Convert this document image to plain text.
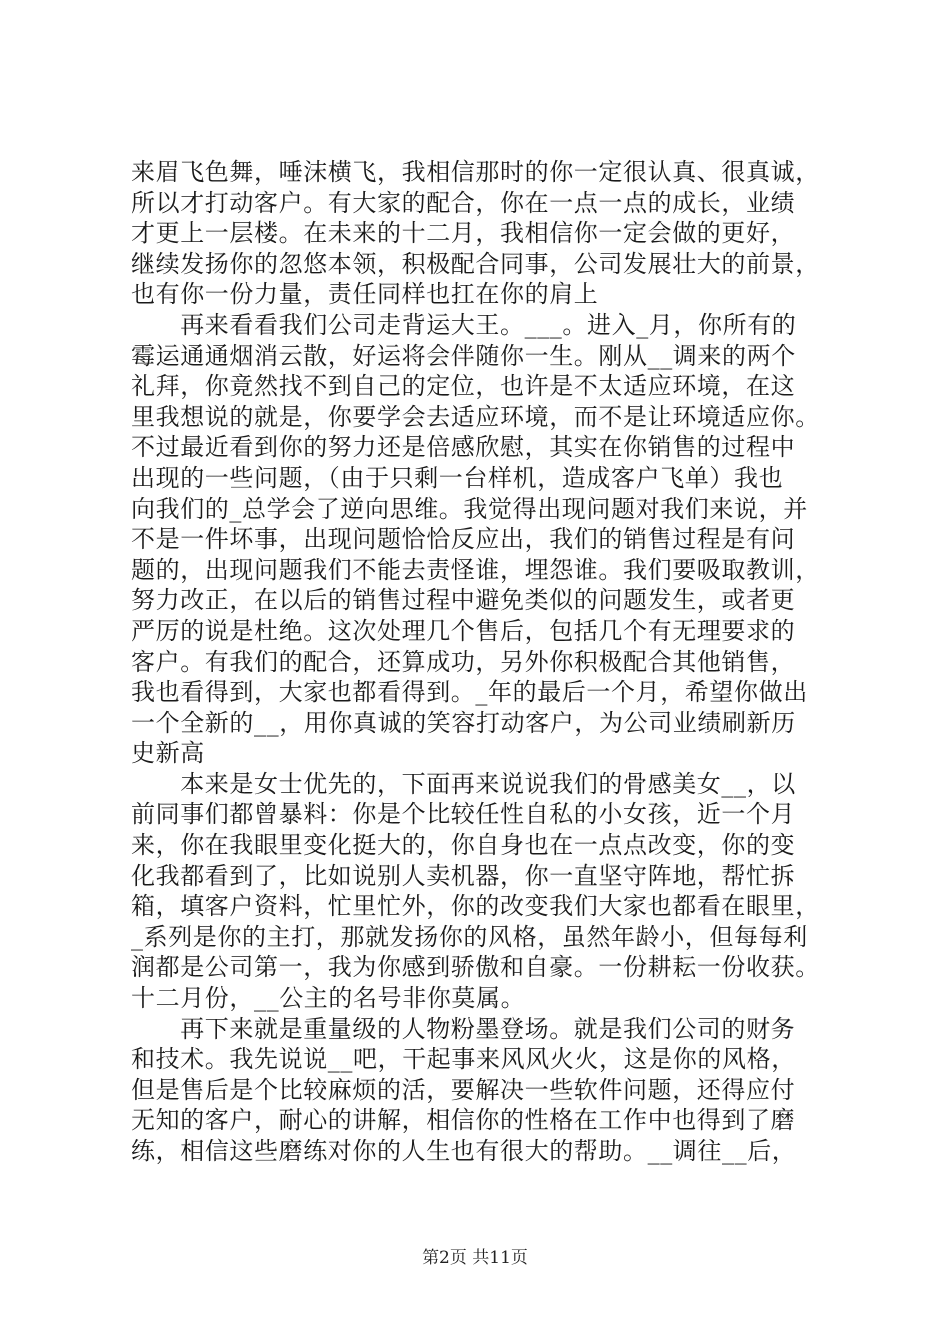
来眉飞色舞，唾沫横飞，我相信那时的你一定很认真、很真诚，
所以才打动客户。有大家的配合，你在一点一点的成长，业绩
才更上一层楼。在未来的十二月，我相信你一定会做的更好，
继续发扬你的忽悠本领，积极配合同事，公司发展壮大的前景，
也有你一份力量，责任同样也扛在你的肩上
　　再来看看我们公司走背运大王。___。进入_月，你所有的
霉运通通烟消云散，好运将会伴随你一生。刚从__调来的两个
礼拜，你竟然找不到自己的定位，也许是不太适应环境，在这
里我想说的就是，你要学会去适应环境，而不是让环境适应你。
不过最近看到你的努力还是倍感欣慰，其实在你销售的过程中
出现的一些问题，（由于只剩一台样机，造成客户飞单）我也
向我们的_总学会了逆向思维。我觉得出现问题对我们来说，并
不是一件坏事，出现问题恰恰反应出，我们的销售过程是有问
题的，出现问题我们不能去责怪谁，埋怨谁。我们要吸取教训，
努力改正，在以后的销售过程中避免类似的问题发生，或者更
严厉的说是杜绝。这次处理几个售后，包括几个有无理要求的
客户。有我们的配合，还算成功，另外你积极配合其他销售，
我也看得到，大家也都看得到。_年的最后一个月，希望你做出
一个全新的__，用你真诚的笑容打动客户，为公司业绩刷新历
史新高
　　本来是女士优先的，下面再来说说我们的骨感美女__，以
前同事们都曾暴料：你是个比较任性自私的小女孩，近一个月
来，你在我眼里变化挺大的，你自身也在一点点改变，你的变
化我都看到了，比如说别人卖机器，你一直坚守阵地，帮忙拆
箱，填客户资料，忙里忙外，你的改变我们大家也都看在眼里，
_系列是你的主打，那就发扬你的风格，虽然年龄小，但每每利
润都是公司第一，我为你感到骄傲和自豪。一份耕耘一份收获。
十二月份，__公主的名号非你莫属。
　　再下来就是重量级的人物粉墨登场。就是我们公司的财务
和技术。我先说说__吧，干起事来风风火火，这是你的风格，
但是售后是个比较麻烦的活，要解决一些软件问题，还得应付
无知的客户，耐心的讲解，相信你的性格在工作中也得到了磨
练，相信这些磨练对你的人生也有很大的帮助。__调往__后，
第2页 共11页
